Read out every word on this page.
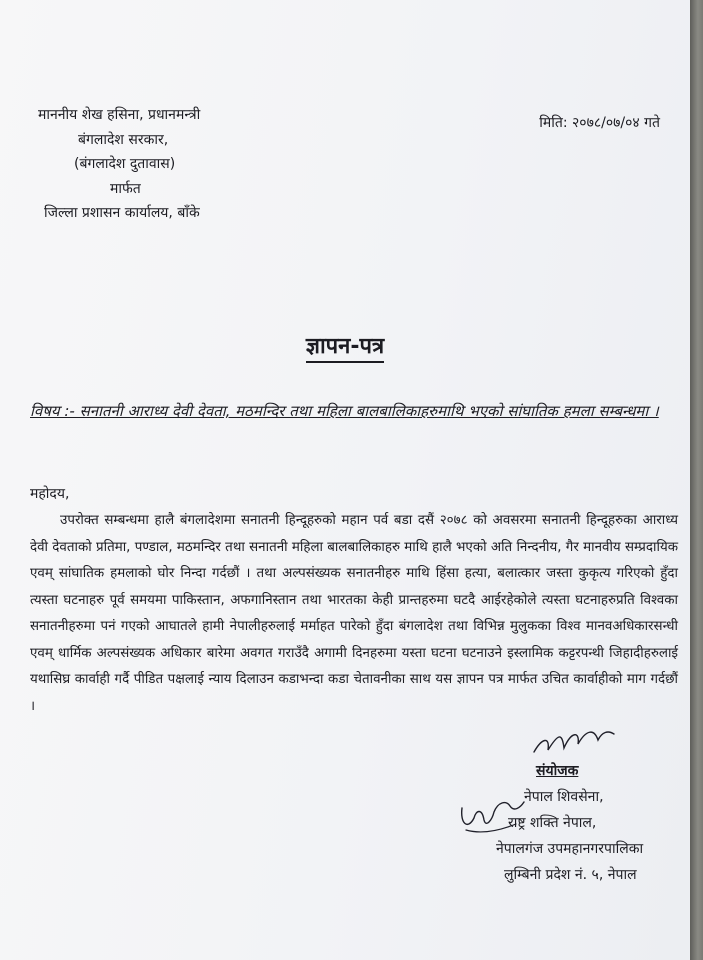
माननीय शेख हसिना, प्रधानमन्त्री
बंगलादेश सरकार,
(बंगलादेश दुतावास)
मार्फत
जिल्ला प्रशासन कार्यालय, बाँके
मिति: २०७८/०७/०४ गते
ज्ञापन-पत्र
विषय :- सनातनी आराध्य देवी देवता, मठमन्दिर तथा महिला बालबालिकाहरुमाथि भएको सांघातिक हमला सम्बन्धमा ।
महोदय,
उपरोक्त सम्बन्धमा हालै बंगलादेशमा सनातनी हिन्दूहरुको महान पर्व बडा दसैं २०७८ को अवसरमा सनातनी हिन्दूहरुका आराध्य देवी देवताको प्रतिमा, पण्डाल, मठमन्दिर तथा सनातनी महिला बालबालिकाहरु माथि हालै भएको अति निन्दनीय, गैर मानवीय सम्प्रदायिक एवम् सांघातिक हमलाको घोर निन्दा गर्दछौं । तथा अल्पसंख्यक सनातनीहरु माथि हिंसा हत्या, बलात्कार जस्ता कुकृत्य गरिएको हुँदा त्यस्ता घटनाहरु पूर्व समयमा पाकिस्तान, अफगानिस्तान तथा भारतका केही प्रान्तहरुमा घटदै आईरहेकोले त्यस्ता घटनाहरुप्रति विश्वका सनातनीहरुमा पनं गएको आघातले हामी नेपालीहरुलाई मर्माहत पारेको हुँदा बंगलादेश तथा विभिन्न मुलुकका विश्व मानवअधिकारसन्धी एवम् धार्मिक अल्पसंख्यक अधिकार बारेमा अवगत गराउँदै अगामी दिनहरुमा यस्ता घटना घटनाउने इस्लामिक कट्टरपन्थी जिहादीहरुलाई यथासिघ्र कार्वाही गर्दै पीडित पक्षलाई न्याय दिलाउन कडाभन्दा कडा चेतावनीका साथ यस ज्ञापन पत्र मार्फत उचित कार्वाहीको माग गर्दछौं ।
संयोजक
नेपाल शिवसेना,
राष्ट्र शक्ति नेपाल,
नेपालगंज उपमहानगरपालिका
लुम्बिनी प्रदेश नं. ५, नेपाल
